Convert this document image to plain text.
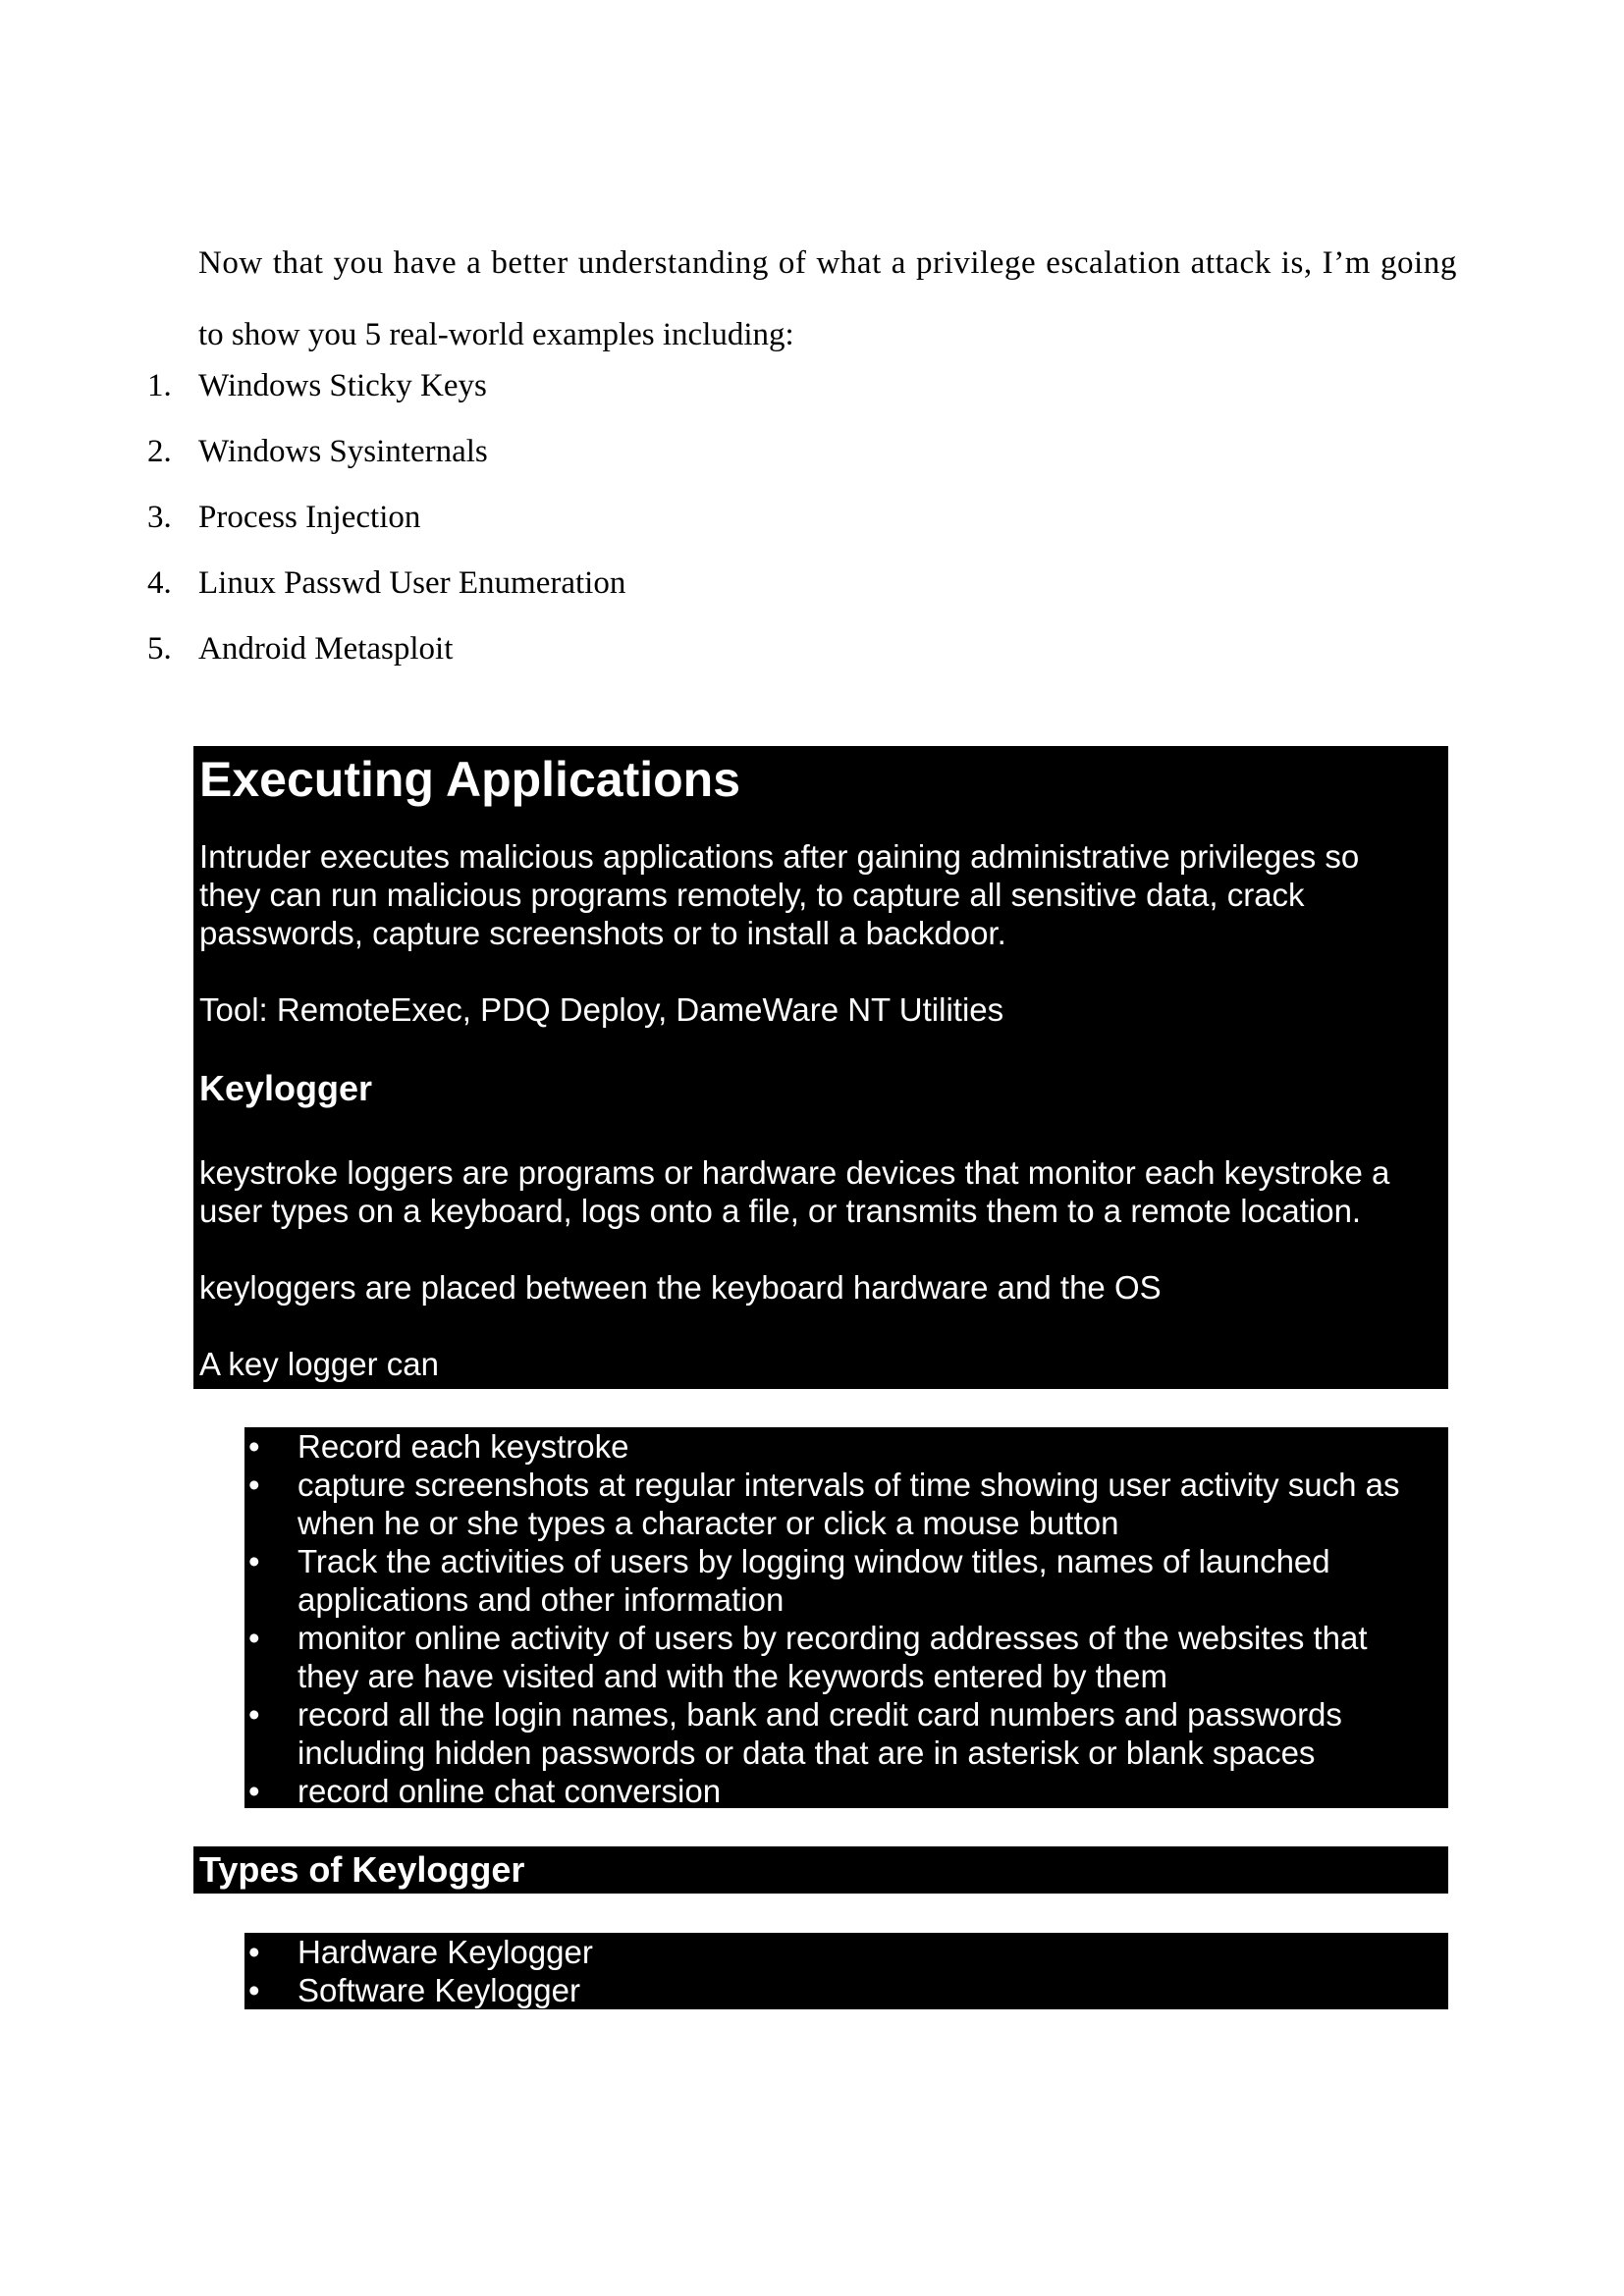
Now that you have a better understanding of what a privilege escalation attack is, I’m going
to show you 5 real-world examples including:

1. Windows Sticky Keys
2. Windows Sysinternals
3. Process Injection
4. Linux Passwd User Enumeration
5. Android Metasploit
Executing Applications

Intruder executes malicious applications after gaining administrative privileges so
they can run malicious programs remotely, to capture all sensitive data, crack
passwords, capture screenshots or to install a backdoor.

Tool: RemoteExec, PDQ Deploy, DameWare NT Utilities

Keylogger

keystroke loggers are programs or hardware devices that monitor each keystroke a
user types on a keyboard, logs onto a file, or transmits them to a remote location.

keyloggers are placed between the keyboard hardware and the OS

A key logger can

• Record each keystroke
• capture screenshots at regular intervals of time showing user activity such as
when he or she types a character or click a mouse button
• Track the activities of users by logging window titles, names of launched
applications and other information
• monitor online activity of users by recording addresses of the websites that
they are have visited and with the keywords entered by them
• record all the login names, bank and credit card numbers and passwords
including hidden passwords or data that are in asterisk or blank spaces
• record online chat conversion
Types of Keylogger
• Hardware Keylogger
• Software Keylogger
